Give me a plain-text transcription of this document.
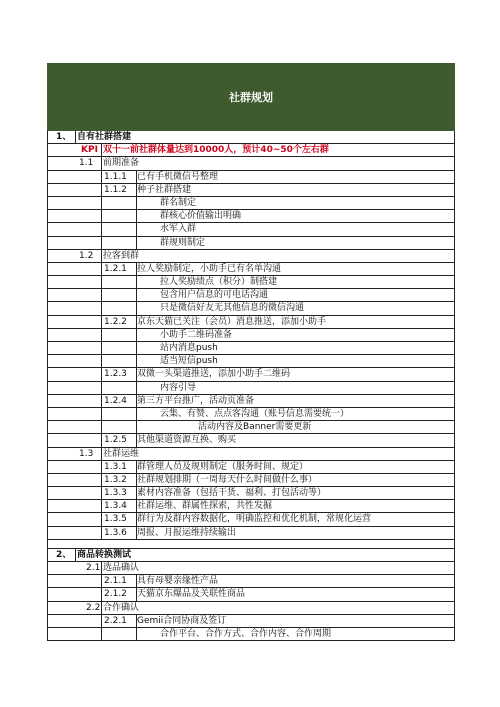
社群规划
1、 自有社群搭建
KPI 双十一前社群体量达到10000人，预计40~50个左右群
1.1 前期准备
1.1.1 已有手机微信号整理
1.1.2 种子社群搭建
群名制定
群核心价值输出明确
水军入群
群规则制定
1.2 拉客到群
1.2.1 拉人奖励制定，小助手已有名单沟通
拉人奖励绩点（积分）制搭建
包含用户信息的可电话沟通
只是微信好友无其他信息的微信沟通
1.2.2 京东天猫已关注（会员）消息推送，添加小助手
小助手二维码准备
站内消息push
适当短信push
1.2.3 双微一头渠道推送，添加小助手二维码
内容引导
1.2.4 第三方平台推广，活动页准备
云集、有赞、点点客沟通（账号信息需要统一）
活动内容及Banner需要更新
1.2.5 其他渠道资源互换、购买
1.3 社群运维
1.3.1 群管理人员及规则制定（服务时间、规定）
1.3.2 社群规划排期（一周每天什么时间做什么事）
1.3.3 素材内容准备（包括干货、福利、打包活动等）
1.3.4 社群运维、群属性探索，共性发掘
1.3.5 群行为及群内容数据化，明确监控和优化机制，常规化运营
1.3.6 周报、月报运维持续输出
2、 商品转换测试
2.1 选品确认
2.1.1 具有母婴亲缘性产品
2.1.2 天猫京东爆品及关联性商品
2.2 合作确认
2.2.1 Gemii合同协商及签订
合作平台、合作方式、合作内容、合作周期
